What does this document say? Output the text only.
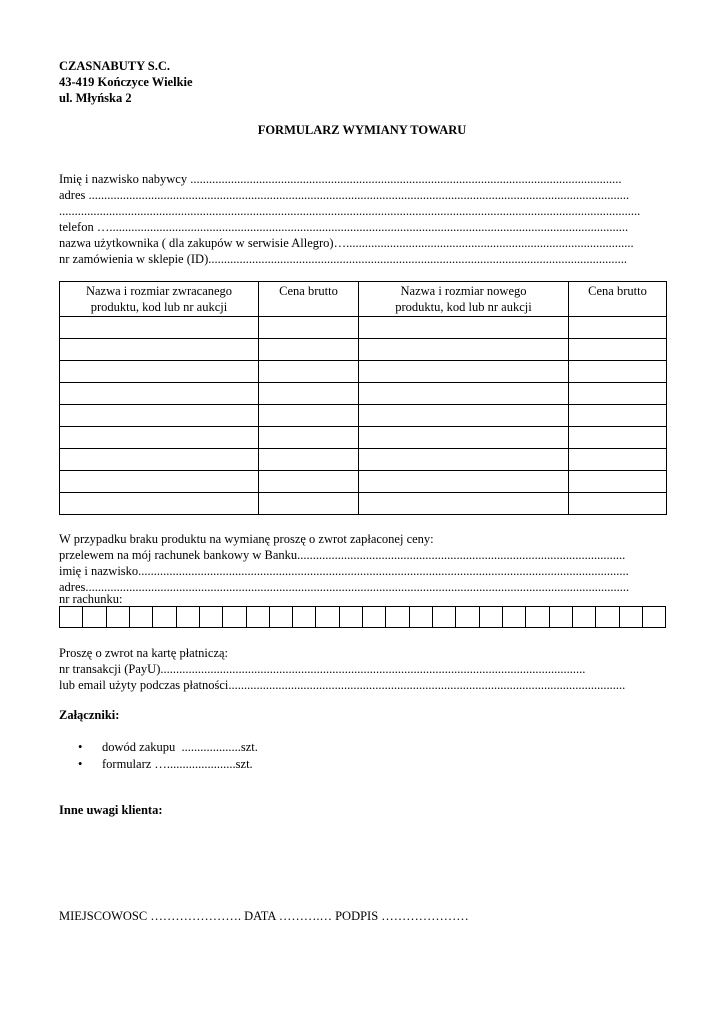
CZASNABUTY S.C.
43-419 Kończyce Wielkie
ul. Młyńska 2
FORMULARZ WYMIANY TOWARU
Imię i nazwisko nabywcy ..........................................................................................................................................
adres .............................................................................................................................................................................
..........................................................................................................................................................................................
telefon …......................................................................................................................................................................
nazwa użytkownika ( dla zakupów w serwisie Allegro)…............................................................................................
nr zamówienia w sklepie (ID)......................................................................................................................................
Nazwa i rozmiar zwracanego
produktu, kod lub nr aukcji	Cena brutto	Nazwa i rozmiar nowego
produktu, kod lub nr aukcji	Cena brutto

W przypadku braku produktu na wymianę proszę o zwrot zapłaconej ceny:
przelewem na mój rachunek bankowy w Banku.........................................................................................................
imię i nazwisko.............................................................................................................................................................
adres..............................................................................................................................................................................
nr rachunku:
Proszę o zwrot na kartę płatniczą:
nr transakcji (PayU)........................................................................................................................................
lub email użyty podczas płatności...............................................................................................................................
Załączniki:
• dowód zakupu  ...................szt.
• formularz …......................szt.
Inne uwagi klienta:
MIEJSCOWOSC …………………. DATA ……….… PODPIS …………………
